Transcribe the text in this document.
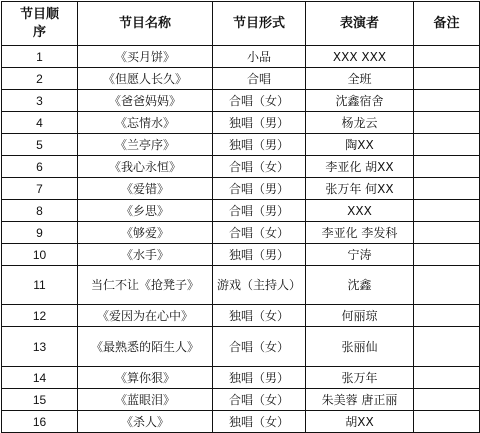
节目顺序	节目名称	节目形式	表演者	备注
1	《买月饼》	小品	XXX XXX	
2	《但愿人长久》	合唱	全班	
3	《爸爸妈妈》	合唱（女）	沈鑫宿舍	
4	《忘情水》	独唱（男）	杨龙云	
5	《兰亭序》	独唱（男）	陶XX	
6	《我心永恒》	合唱（女）	李亚化 胡XX	
7	《爱错》	合唱（男）	张万年 何XX	
8	《乡思》	合唱（男）	XXX	
9	《够爱》	合唱（女）	李亚化 李发科	
10	《水手》	独唱（男）	宁涛	
11	当仁不让《抢凳子》	游戏（主持人）	沈鑫	
12	《爱因为在心中》	独唱（女）	何丽琼	
13	《最熟悉的陌生人》	合唱（女）	张丽仙	
14	《算你狠》	独唱（男）	张万年	
15	《蓝眼泪》	合唱（女）	朱美蓉 唐正丽	
16	《杀人》	独唱（女）	胡XX	
